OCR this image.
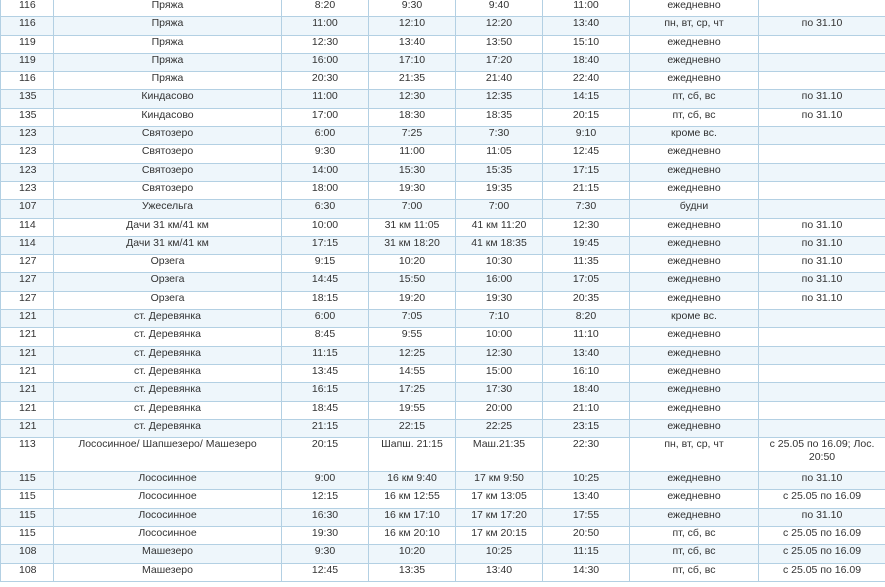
116	Пряжа	8:20	9:30	9:40	11:00	ежедневно	
116	Пряжа	11:00	12:10	12:20	13:40	пн, вт, ср, чт	по 31.10
119	Пряжа	12:30	13:40	13:50	15:10	ежедневно	
119	Пряжа	16:00	17:10	17:20	18:40	ежедневно	
116	Пряжа	20:30	21:35	21:40	22:40	ежедневно	
135	Киндасово	11:00	12:30	12:35	14:15	пт, сб, вс	по 31.10
135	Киндасово	17:00	18:30	18:35	20:15	пт, сб, вс	по 31.10
123	Святозеро	6:00	7:25	7:30	9:10	кроме вс.	
123	Святозеро	9:30	11:00	11:05	12:45	ежедневно	
123	Святозеро	14:00	15:30	15:35	17:15	ежедневно	
123	Святозеро	18:00	19:30	19:35	21:15	ежедневно	
107	Ужесельга	6:30	7:00	7:00	7:30	будни	
114	Дачи 31 км/41 км	10:00	31 км 11:05	41 км 11:20	12:30	ежедневно	по 31.10
114	Дачи 31 км/41 км	17:15	31 км 18:20	41 км 18:35	19:45	ежедневно	по 31.10
127	Орзега	9:15	10:20	10:30	11:35	ежедневно	по 31.10
127	Орзега	14:45	15:50	16:00	17:05	ежедневно	по 31.10
127	Орзега	18:15	19:20	19:30	20:35	ежедневно	по 31.10
121	ст. Деревянка	6:00	7:05	7:10	8:20	кроме вс.	
121	ст. Деревянка	8:45	9:55	10:00	11:10	ежедневно	
121	ст. Деревянка	11:15	12:25	12:30	13:40	ежедневно	
121	ст. Деревянка	13:45	14:55	15:00	16:10	ежедневно	
121	ст. Деревянка	16:15	17:25	17:30	18:40	ежедневно	
121	ст. Деревянка	18:45	19:55	20:00	21:10	ежедневно	
121	ст. Деревянка	21:15	22:15	22:25	23:15	ежедневно	
113	Лососинное/ Шапшезеро/ Машезеро	20:15	Шапш. 21:15	Маш.21:35	22:30	пн, вт, ср, чт	с 25.05 по 16.09; Лос. 20:50
115	Лососинное	9:00	16 км 9:40	17 км 9:50	10:25	ежедневно	по 31.10
115	Лососинное	12:15	16 км 12:55	17 км 13:05	13:40	ежедневно	с 25.05 по 16.09
115	Лососинное	16:30	16 км 17:10	17 км 17:20	17:55	ежедневно	по 31.10
115	Лососинное	19:30	16 км 20:10	17 км 20:15	20:50	пт, сб, вс	с 25.05 по 16.09
108	Машезеро	9:30	10:20	10:25	11:15	пт, сб, вс	с 25.05 по 16.09
108	Машезеро	12:45	13:35	13:40	14:30	пт, сб, вс	с 25.05 по 16.09
